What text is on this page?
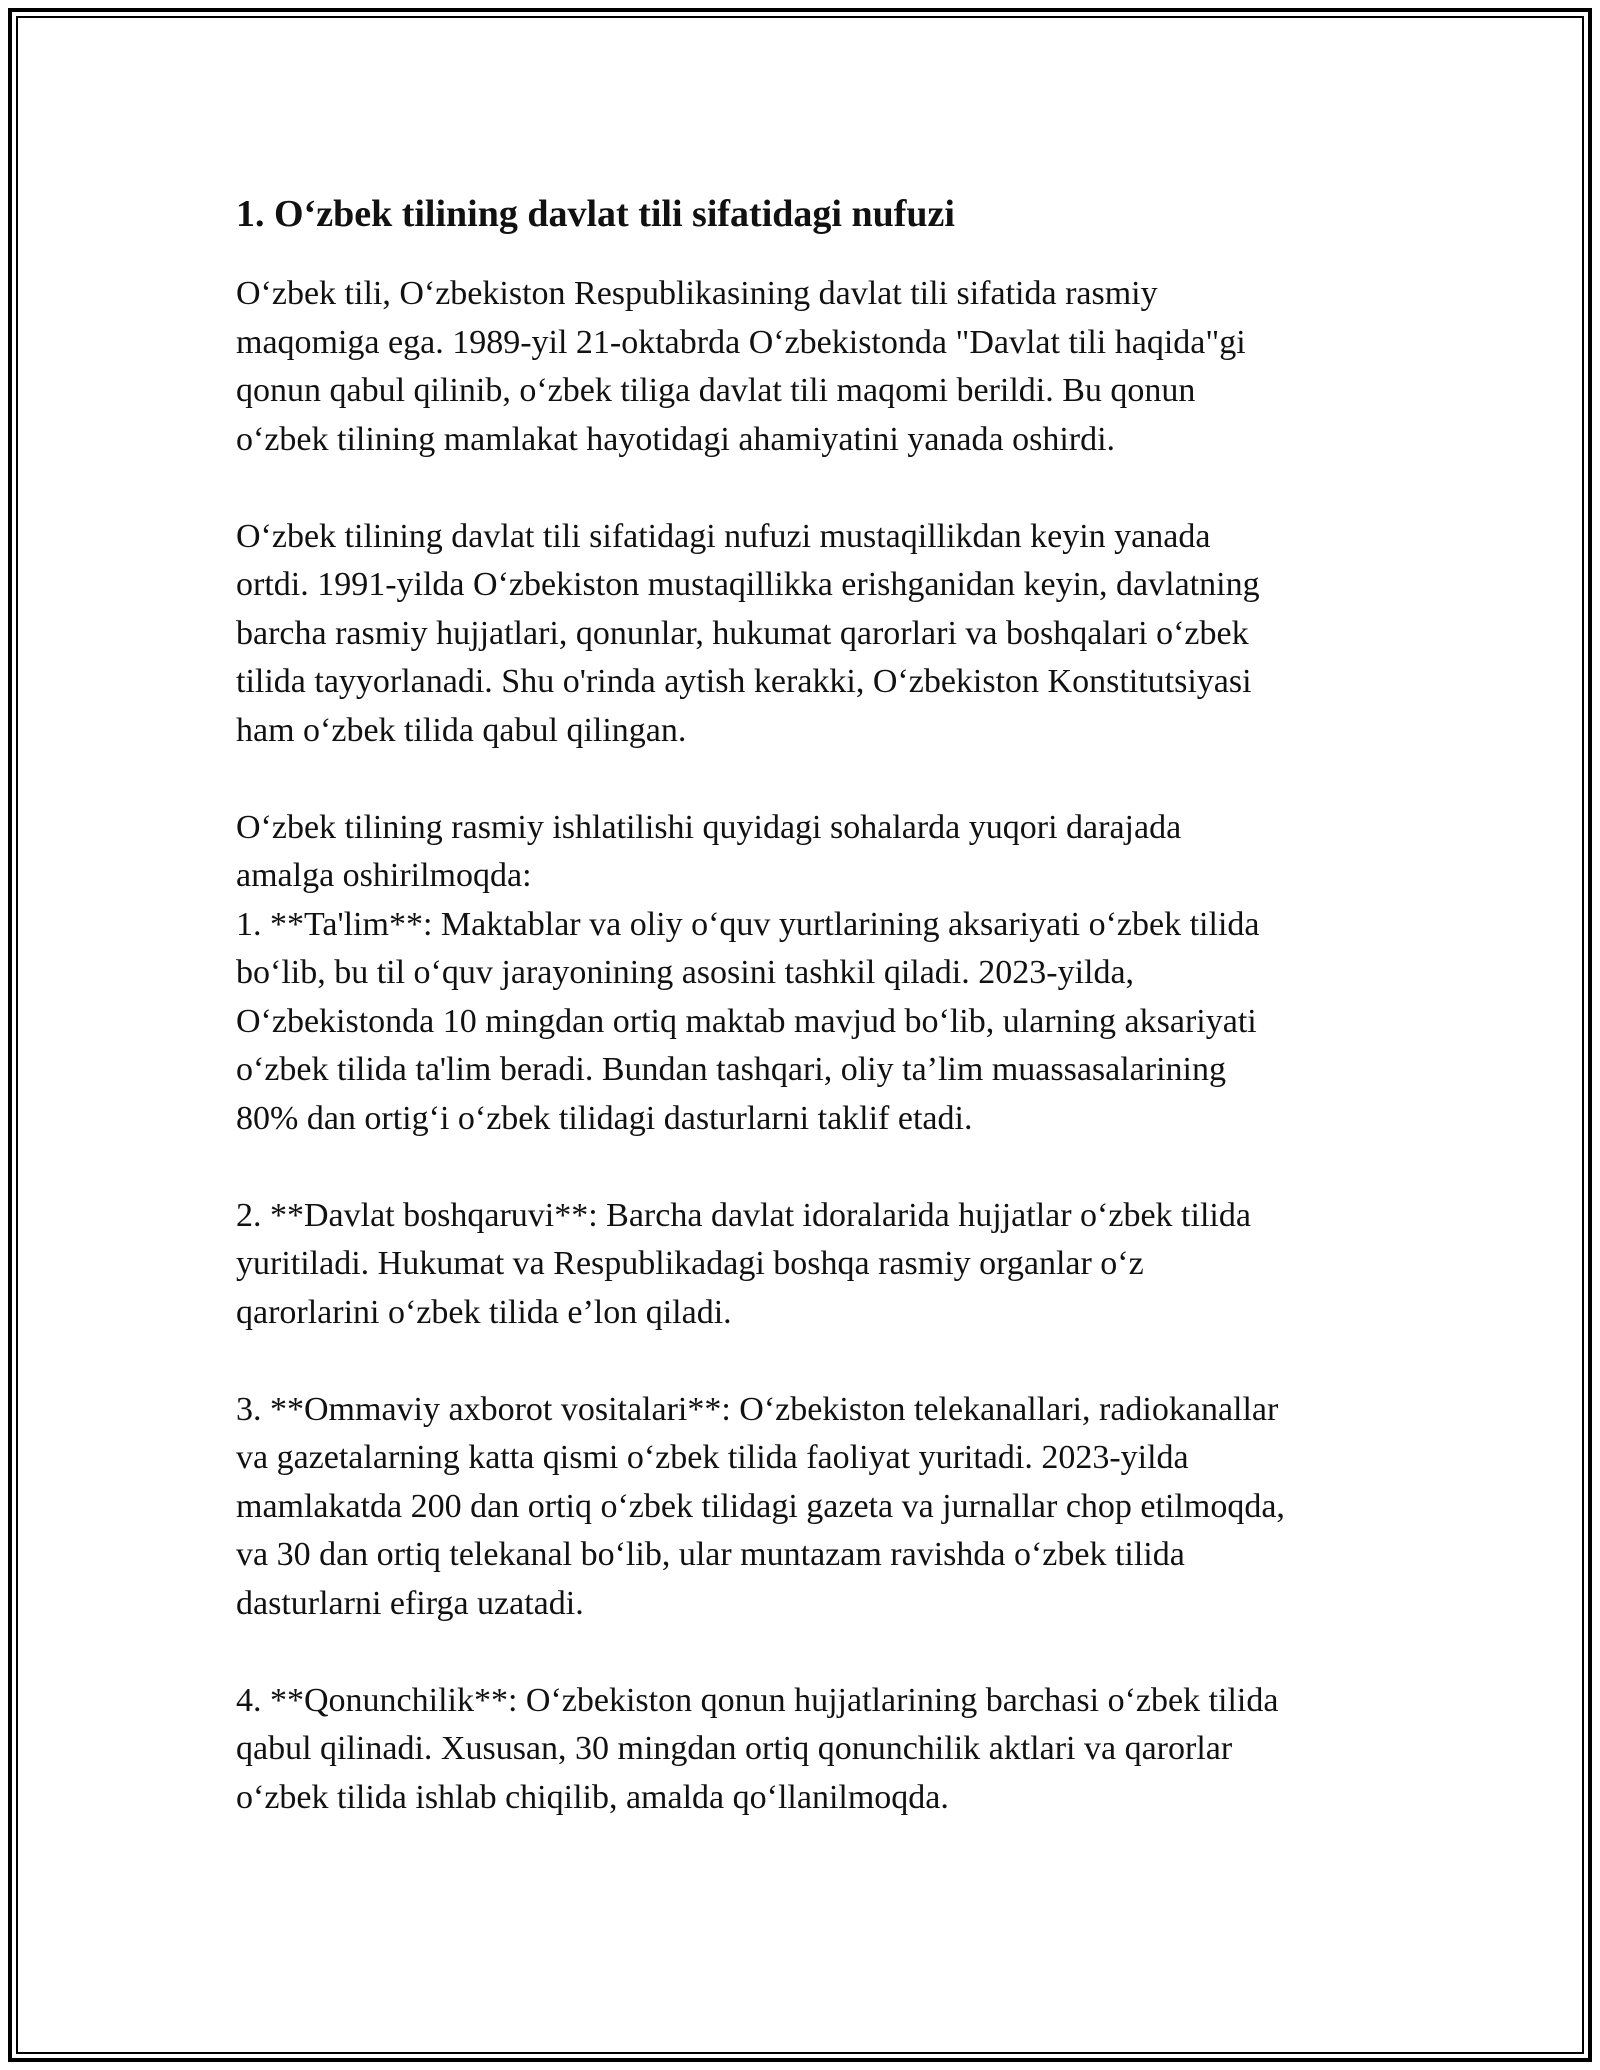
1. O‘zbek tilining davlat tili sifatidagi nufuzi

O‘zbek tili, O‘zbekiston Respublikasining davlat tili sifatida rasmiy
maqomiga ega. 1989-yil 21-oktabrda O‘zbekistonda "Davlat tili haqida"gi
qonun qabul qilinib, o‘zbek tiliga davlat tili maqomi berildi. Bu qonun
o‘zbek tilining mamlakat hayotidagi ahamiyatini yanada oshirdi.

O‘zbek tilining davlat tili sifatidagi nufuzi mustaqillikdan keyin yanada
ortdi. 1991-yilda O‘zbekiston mustaqillikka erishganidan keyin, davlatning
barcha rasmiy hujjatlari, qonunlar, hukumat qarorlari va boshqalari o‘zbek
tilida tayyorlanadi. Shu o'rinda aytish kerakki, O‘zbekiston Konstitutsiyasi
ham o‘zbek tilida qabul qilingan.

O‘zbek tilining rasmiy ishlatilishi quyidagi sohalarda yuqori darajada
amalga oshirilmoqda:
1. **Ta'lim**: Maktablar va oliy o‘quv yurtlarining aksariyati o‘zbek tilida
bo‘lib, bu til o‘quv jarayonining asosini tashkil qiladi. 2023-yilda,
O‘zbekistonda 10 mingdan ortiq maktab mavjud bo‘lib, ularning aksariyati
o‘zbek tilida ta'lim beradi. Bundan tashqari, oliy ta’lim muassasalarining
80% dan ortig‘i o‘zbek tilidagi dasturlarni taklif etadi.

2. **Davlat boshqaruvi**: Barcha davlat idoralarida hujjatlar o‘zbek tilida
yuritiladi. Hukumat va Respublikadagi boshqa rasmiy organlar o‘z
qarorlarini o‘zbek tilida e’lon qiladi.

3. **Ommaviy axborot vositalari**: O‘zbekiston telekanallari, radiokanallar
va gazetalarning katta qismi o‘zbek tilida faoliyat yuritadi. 2023-yilda
mamlakatda 200 dan ortiq o‘zbek tilidagi gazeta va jurnallar chop etilmoqda,
va 30 dan ortiq telekanal bo‘lib, ular muntazam ravishda o‘zbek tilida
dasturlarni efirga uzatadi.

4. **Qonunchilik**: O‘zbekiston qonun hujjatlarining barchasi o‘zbek tilida
qabul qilinadi. Xususan, 30 mingdan ortiq qonunchilik aktlari va qarorlar
o‘zbek tilida ishlab chiqilib, amalda qo‘llanilmoqda.
